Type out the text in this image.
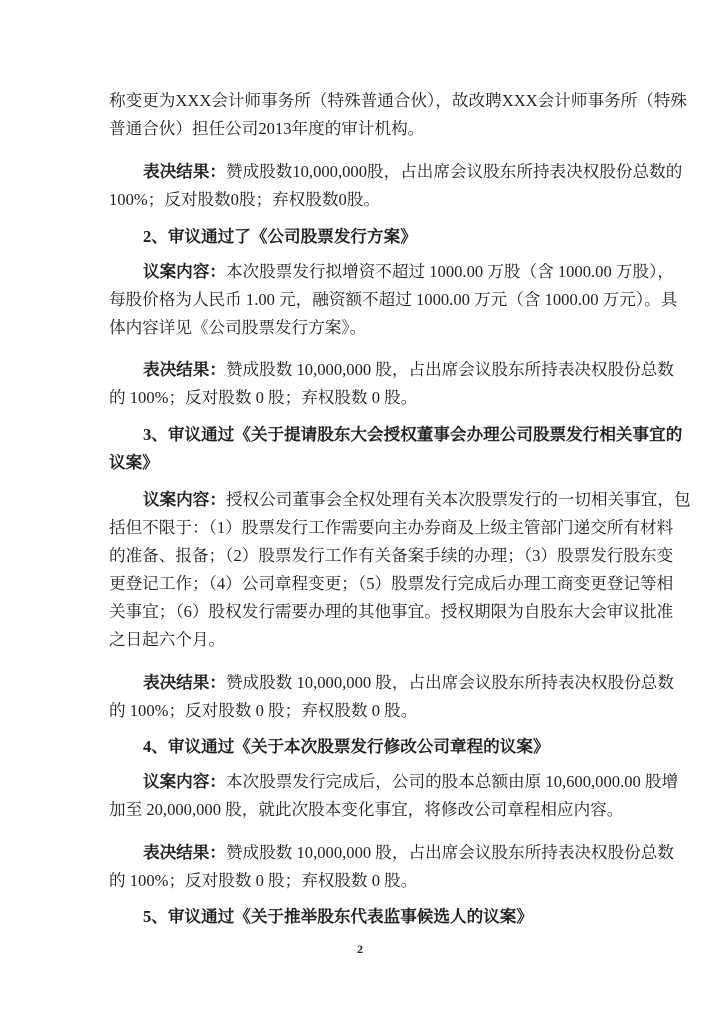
称变更为XXX会计师事务所（特殊普通合伙），故改聘XXX会计师事务所（特殊
普通合伙）担任公司2013年度的审计机构。
表决结果：赞成股数10,000,000股，占出席会议股东所持表决权股份总数的
100%；反对股数0股；弃权股数0股。
2、审议通过了《公司股票发行方案》
议案内容：本次股票发行拟增资不超过 1000.00 万股（含 1000.00 万股），
每股价格为人民币 1.00 元，融资额不超过 1000.00 万元（含 1000.00 万元）。具
体内容详见《公司股票发行方案》。
表决结果：赞成股数 10,000,000 股，占出席会议股东所持表决权股份总数
的 100%；反对股数 0 股；弃权股数 0 股。
3、审议通过《关于提请股东大会授权董事会办理公司股票发行相关事宜的
议案》
议案内容：授权公司董事会全权处理有关本次股票发行的一切相关事宜，包
括但不限于：（1）股票发行工作需要向主办券商及上级主管部门递交所有材料
的准备、报备；（2）股票发行工作有关备案手续的办理；（3）股票发行股东变
更登记工作；（4）公司章程变更；（5）股票发行完成后办理工商变更登记等相
关事宜；（6）股权发行需要办理的其他事宜。授权期限为自股东大会审议批准
之日起六个月。
表决结果：赞成股数 10,000,000 股，占出席会议股东所持表决权股份总数
的 100%；反对股数 0 股；弃权股数 0 股。
4、审议通过《关于本次股票发行修改公司章程的议案》
议案内容：本次股票发行完成后，公司的股本总额由原 10,600,000.00 股增
加至 20,000,000 股，就此次股本变化事宜，将修改公司章程相应内容。
表决结果：赞成股数 10,000,000 股，占出席会议股东所持表决权股份总数
的 100%；反对股数 0 股；弃权股数 0 股。
5、审议通过《关于推举股东代表监事候选人的议案》
2
